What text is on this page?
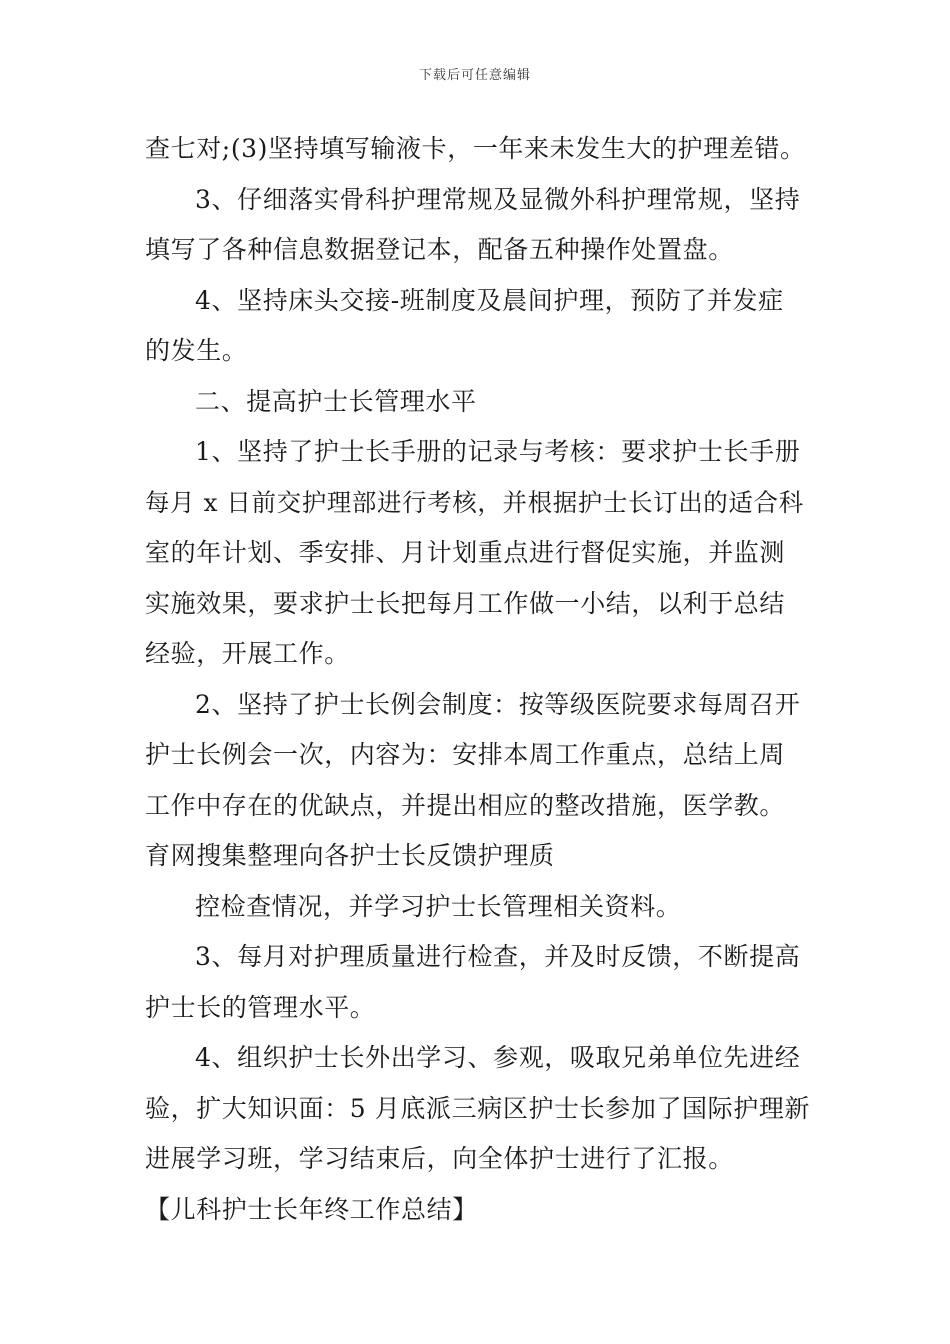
下载后可任意编辑

查七对;(3)坚持填写输液卡，一年来未发生大的护理差错。

3、仔细落实骨科护理常规及显微外科护理常规，坚持

填写了各种信息数据登记本，配备五种操作处置盘。

4、坚持床头交接-班制度及晨间护理，预防了并发症

的发生。

二、提高护士长管理水平

1、坚持了护士长手册的记录与考核：要求护士长手册

每月 x 日前交护理部进行考核，并根据护士长订出的适合科

室的年计划、季安排、月计划重点进行督促实施，并监测

实施效果，要求护士长把每月工作做一小结，以利于总结

经验，开展工作。

2、坚持了护士长例会制度：按等级医院要求每周召开

护士长例会一次，内容为：安排本周工作重点，总结上周

工作中存在的优缺点，并提出相应的整改措施，医学教。

育网搜集整理向各护士长反馈护理质

控检查情况，并学习护士长管理相关资料。

3、每月对护理质量进行检查，并及时反馈，不断提高

护士长的管理水平。

4、组织护士长外出学习、参观，吸取兄弟单位先进经

验，扩大知识面：5 月底派三病区护士长参加了国际护理新

进展学习班，学习结束后，向全体护士进行了汇报。

【儿科护士长年终工作总结】
